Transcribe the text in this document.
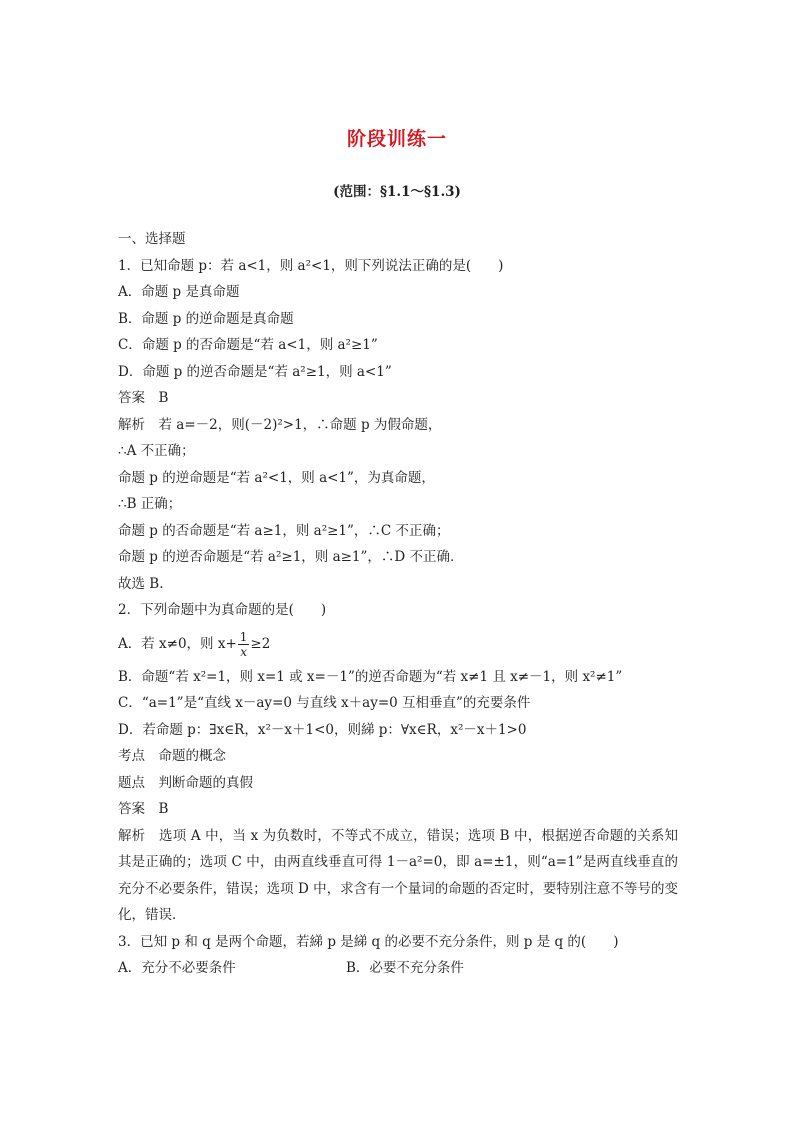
阶段训练一
(范围：§1.1～§1.3)
一、选择题
1．已知命题 p：若 a<1，则 a²<1，则下列说法正确的是(　　)
A．命题 p 是真命题
B．命题 p 的逆命题是真命题
C．命题 p 的否命题是“若 a<1，则 a²≥1”
D．命题 p 的逆否命题是“若 a²≥1，则 a<1”
答案　B
解析　若 a=－2，则(－2)²>1，∴命题 p 为假命题，
∴A 不正确；
命题 p 的逆命题是“若 a²<1，则 a<1”，为真命题，
∴B 正确；
命题 p 的否命题是“若 a≥1，则 a²≥1”，∴C 不正确；
命题 p 的逆否命题是“若 a²≥1，则 a≥1”，∴D 不正确．
故选 B.
2．下列命题中为真命题的是(　　)
A．若 x≠0，则 $x+ \frac{1}{x} \ge 2$
B．命题“若 x²=1，则 x=1 或 x=－1”的逆否命题为“若 x≠1 且 x≠－1，则 x²≠1”
C．“a=1”是“直线 x－ay=0 与直线 x＋ay=0 互相垂直”的充要条件
D．若命题 p：∃x∈R，x²－x＋1<0，则綈 p：∀x∈R，x²－x＋1>0
考点　命题的概念
题点　判断命题的真假
答案　B
解析　选项 A 中，当 x 为负数时，不等式不成立，错误；选项 B 中，根据逆否命题的关系知其是正确的；选项 C 中，由两直线垂直可得 1－a²=0，即 a=±1，则“a=1”是两直线垂直的充分不必要条件，错误；选项 D 中，求含有一个量词的命题的否定时，要特别注意不等号的变化，错误．
3．已知 p 和 q 是两个命题，若綈 p 是綈 q 的必要不充分条件，则 p 是 q 的(　　)
A．充分不必要条件	B．必要不充分条件
